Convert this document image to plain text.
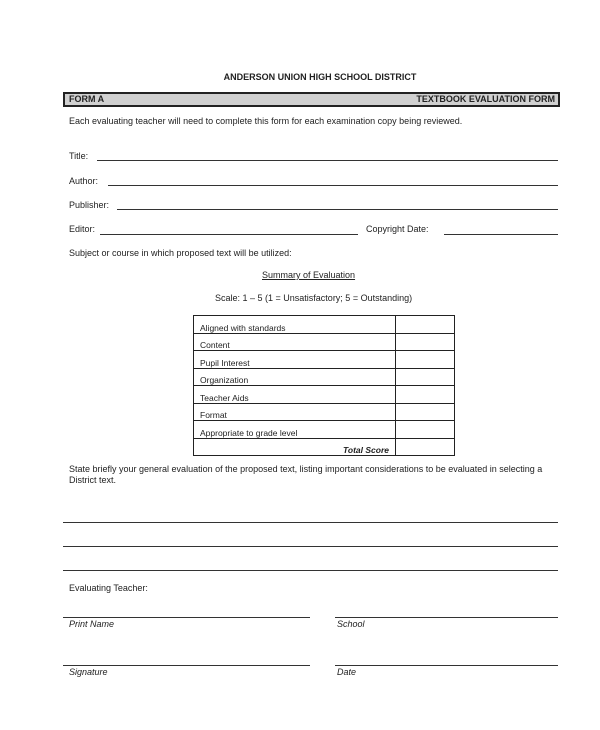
ANDERSON UNION HIGH SCHOOL DISTRICT
FORM A	TEXTBOOK EVALUATION FORM
Each evaluating teacher will need to complete this form for each examination copy being reviewed.
Title:
Author:
Publisher:
Editor:	Copyright Date:
Subject or course in which proposed text will be utilized:
Summary of Evaluation
Scale: 1 – 5 (1 = Unsatisfactory; 5 = Outstanding)
Aligned with standards	
Content	
Pupil Interest	
Organization	
Teacher Aids	
Format	
Appropriate to grade level	
Total Score	
State briefly your general evaluation of the proposed text, listing important considerations to be evaluated in selecting a District text.
Evaluating Teacher:
Print Name	School
Signature	Date
